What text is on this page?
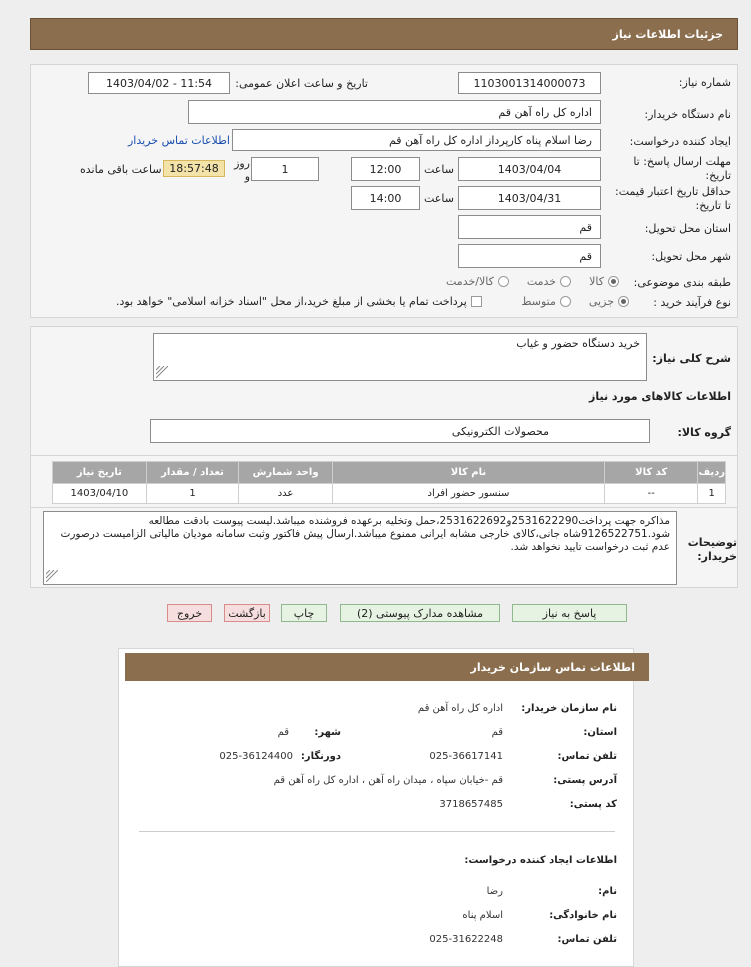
جزئیات اطلاعات نیاز
شماره نیاز:
1103001314000073
تاریخ و ساعت اعلان عمومی:
1403/04/02 - 11:54
نام دستگاه خریدار:
اداره کل راه آهن قم
ایجاد کننده درخواست:
رضا اسلام پناه کارپرداز اداره کل راه آهن قم
اطلاعات تماس خریدار
مهلت ارسال پاسخ: تا تاریخ:
1403/04/04
ساعت
12:00
1
روز و
18:57:48
ساعت باقی مانده
حداقل تاریخ اعتبار قیمت: تا تاریخ:
1403/04/31
ساعت
14:00
استان محل تحویل:
قم
شهر محل تحویل:
قم
طبقه بندی موضوعی:
کالا
خدمت
کالا/خدمت
نوع فرآیند خرید :
جزیی
متوسط
پرداخت تمام یا بخشی از مبلغ خرید،از محل "اسناد خزانه اسلامی" خواهد بود.
شرح کلی نیاز:
خرید دستگاه حضور و غیاب
اطلاعات کالاهای مورد نیاز
گروه کالا:
محصولات الکترونیکی
ردیف	کد کالا	نام کالا	واحد شمارش	تعداد / مقدار	تاریخ نیاز
1	--	سنسور حضور افراد	عدد	1	1403/04/10
توضیحات خریدار:
مذاکره جهت پرداخت2531622290و2531622692،حمل وتخلیه برعهده فروشنده میباشد.لیست پیوست بادقت مطالعه شود.9126522751شاه جانی،کالای خارجی مشابه ایرانی ممنوع میباشد.ارسال پیش فاکتور وثبت سامانه مودیان مالیاتی الزامیست درصورت عدم ثبت درخواست تایید نخواهد شد.
پاسخ به نیاز
مشاهده مدارک پیوستی (2)
چاپ
بازگشت
خروج
اطلاعات تماس سازمان خریدار
نام سازمان خریدار:
اداره کل راه آهن قم
استان:
قم
شهر:
قم
تلفن تماس:
025-36617141
دورنگار:
025-36124400
آدرس پستی:
قم -خیابان سپاه ، میدان راه آهن ، اداره کل راه آهن قم
کد پستی:
3718657485
اطلاعات ایجاد کننده درخواست:
نام:
رضا
نام خانوادگی:
اسلام پناه
تلفن تماس:
025-31622248
